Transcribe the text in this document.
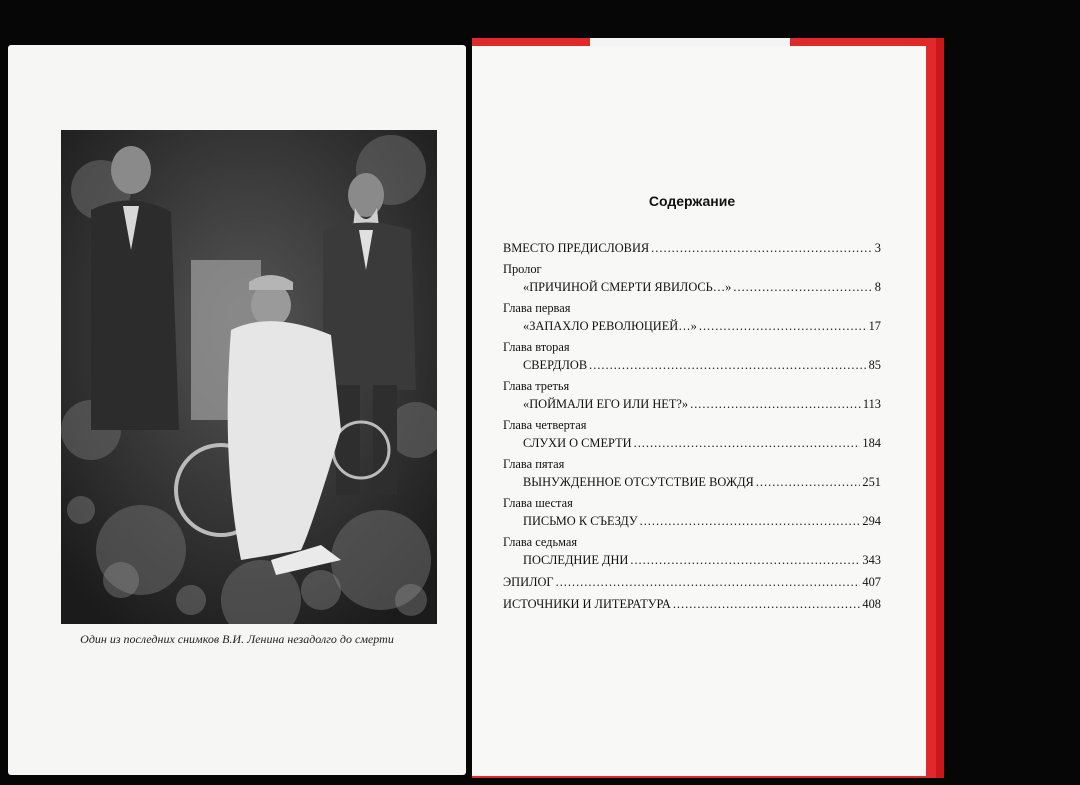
Один из последних снимков В.И. Ленина незадолго до смерти
Содержание
ВМЕСТО ПРЕДИСЛОВИЯ .....	3
Пролог
«ПРИЧИНОЙ СМЕРТИ ЯВИЛОСЬ…» .....	8
Глава первая
«ЗАПАХЛО РЕВОЛЮЦИЕЙ…» .....	17
Глава вторая
СВЕРДЛОВ .....	85
Глава третья
«ПОЙМАЛИ ЕГО ИЛИ НЕТ?» .....	113
Глава четвертая
СЛУХИ О СМЕРТИ .....	184
Глава пятая
ВЫНУЖДЕННОЕ ОТСУТСТВИЕ ВОЖДЯ .....	251
Глава шестая
ПИСЬМО К СЪЕЗДУ .....	294
Глава седьмая
ПОСЛЕДНИЕ ДНИ .....	343
ЭПИЛОГ .....	407
ИСТОЧНИКИ И ЛИТЕРАТУРА .....	408
